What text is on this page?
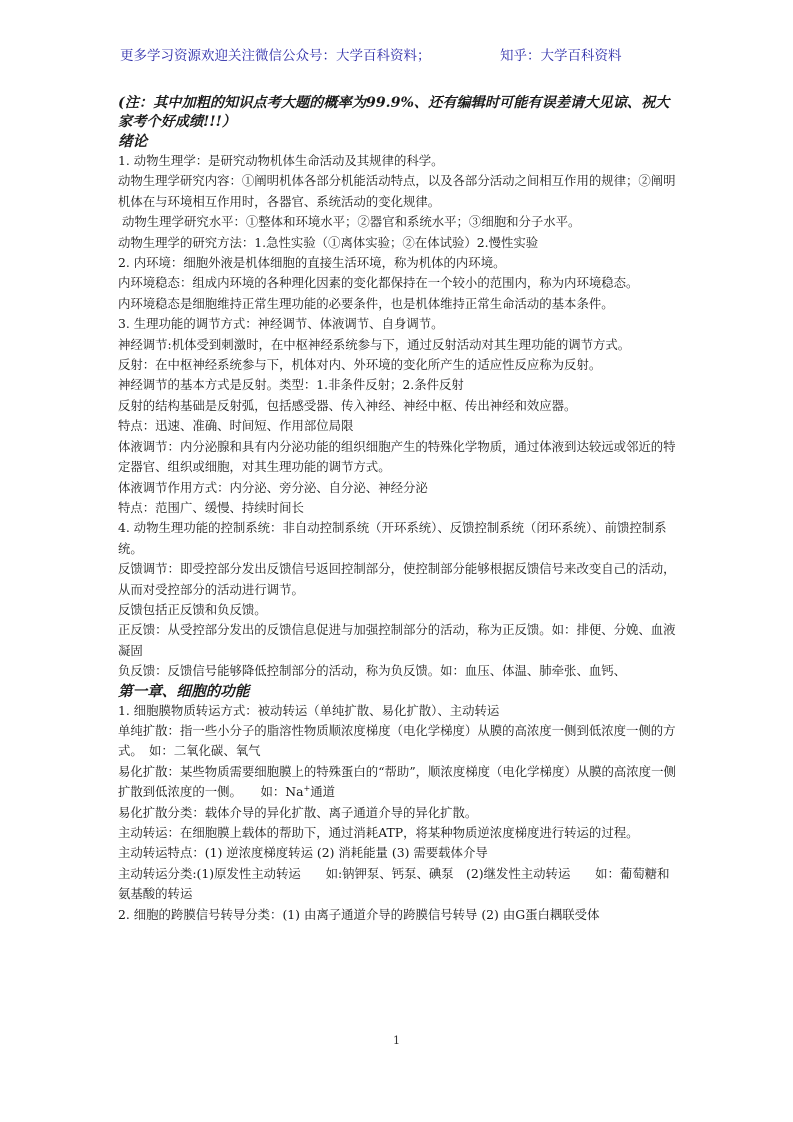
更多学习资源欢迎关注微信公众号：大学百科资料；	知乎：大学百科资料

(注：其中加粗的知识点考大题的概率为99.9%、还有编辑时可能有误差请大见谅、祝大家考个好成绩!!!）

绪论

1. 动物生理学：是研究动物机体生命活动及其规律的科学。

动物生理学研究内容：①阐明机体各部分机能活动特点，以及各部分活动之间相互作用的规律；②阐明机体在与环境相互作用时，各器官、系统活动的变化规律。

动物生理学研究水平：①整体和环境水平；②器官和系统水平；③细胞和分子水平。

动物生理学的研究方法：1.急性实验（①离体实验；②在体试验）2.慢性实验

2. 内环境：细胞外液是机体细胞的直接生活环境，称为机体的内环境。

内环境稳态：组成内环境的各种理化因素的变化都保持在一个较小的范围内，称为内环境稳态。

内环境稳态是细胞维持正常生理功能的必要条件，也是机体维持正常生命活动的基本条件。

3. 生理功能的调节方式：神经调节、体液调节、自身调节。

神经调节:机体受到刺激时，在中枢神经系统参与下，通过反射活动对其生理功能的调节方式。

反射：在中枢神经系统参与下，机体对内、外环境的变化所产生的适应性反应称为反射。

神经调节的基本方式是反射。类型：1.非条件反射；2.条件反射

反射的结构基础是反射弧，包括感受器、传入神经、神经中枢、传出神经和效应器。

特点：迅速、准确、时间短、作用部位局限

体液调节：内分泌腺和具有内分泌功能的组织细胞产生的特殊化学物质，通过体液到达较远或邻近的特定器官、组织或细胞，对其生理功能的调节方式。

体液调节作用方式：内分泌、旁分泌、自分泌、神经分泌

特点：范围广、缓慢、持续时间长

4. 动物生理功能的控制系统：非自动控制系统（开环系统）、反馈控制系统（闭环系统）、前馈控制系统。

反馈调节：即受控部分发出反馈信号返回控制部分，使控制部分能够根据反馈信号来改变自己的活动，从而对受控部分的活动进行调节。

反馈包括正反馈和负反馈。

正反馈：从受控部分发出的反馈信息促进与加强控制部分的活动，称为正反馈。如：排便、分娩、血液凝固

负反馈：反馈信号能够降低控制部分的活动，称为负反馈。如：血压、体温、肺牵张、血钙、

第一章、细胞的功能

1. 细胞膜物质转运方式：被动转运（单纯扩散、易化扩散）、主动转运

单纯扩散：指一些小分子的脂溶性物质顺浓度梯度（电化学梯度）从膜的高浓度一侧到低浓度一侧的方式。　如：二氧化碳、氧气

易化扩散：某些物质需要细胞膜上的特殊蛋白的“帮助”，顺浓度梯度（电化学梯度）从膜的高浓度一侧扩散到低浓度的一侧。　　如：Na+通道

易化扩散分类：载体介导的异化扩散、离子通道介导的异化扩散。

主动转运：在细胞膜上载体的帮助下，通过消耗ATP，将某种物质逆浓度梯度进行转运的过程。

主动转运特点：(1) 逆浓度梯度转运 (2) 消耗能量 (3) 需要载体介导

主动转运分类:(1)原发性主动转运　　如:钠钾泵、钙泵、碘泵　(2)继发性主动转运　　如：葡萄糖和氨基酸的转运

2. 细胞的跨膜信号转导分类：(1) 由离子通道介导的跨膜信号转导 (2) 由G蛋白耦联受体

1
